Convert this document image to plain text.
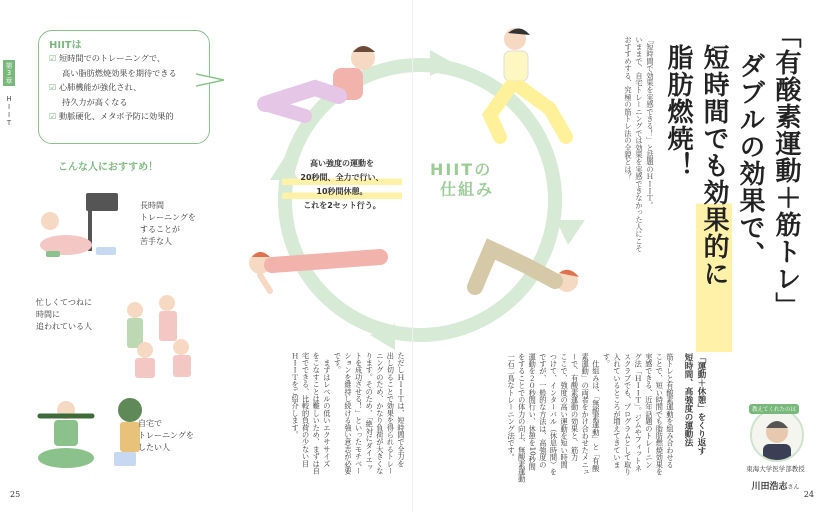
第3章
HIIT
HIITは
☑ 短時間でのトレーニングで、
高い脂肪燃焼効果を期待できる
☑ 心肺機能が強化され、
持久力が高くなる
☑ 動脈硬化、メタボ予防に効果的
こんな人におすすめ！
長時間
トレーニングを
することが
苦手な人
忙しくてつねに
時間に
追われている人
自宅で
トレーニングを
したい人	ただしＨＩＩＴは、短時間で全力を
出し切ることで効果を得られるトレー
ニングのため、かなり負荷が大きくな
ります。そのため、「絶対にダイエッ
トを成功させる！」といったモチベー
ションを維持し続ける強い意志が必要
です。
　まずはレベルの低いエクササイズ
をこなすことは難しいため、まずは自
宅でできる、比較的負荷の少ない目
ＨＩＩＴをご紹介します。
25
高い強度の運動を
20秒間、全力で行い、
10秒間休憩。
これを2セット行う。
HIITの
仕組み	「有酸素運動＋筋トレ」
ダブルの効果で、
短時間でも効果的に
脂肪燃焼！
「短時間で効果を実感できる！」と話題のＨＩＩＴ。
いままで、自宅トレーニングでは効果を実感できなかった人にこそ
おすすめする、究極の筋トレ法の全貌とは？
「運動＋休憩」をくり返す
短時間、高強度の運動法
筋トレと有酸素運動を組み合わせる
ことで、短い時間でも脂肪燃焼効果を
実感できる、近年話題のトレーニン
グ法「ＨＩＩＴ」。ジムやフィットネ
スクラブでも、プログラムとして取り
入れているところが増えてきていま
す。
　仕組みは、「無酸素運動」と「有酸
素運動」の両者をかけ合わせたメニュ
ーで、有酸素運動の効果と、筋力
ここで、強度の高い運動を短い時間
つけて、インターバル（休息時間）を
ですが、一般的な方法は、高強度の
運動を２０秒間行い、休憩を10秒間
をすることでの体力の向上、無酸素運動
一石二鳥なトレーニング法です。	教えてくれたのは
東海大学医学部教授
川田浩志さん
24
